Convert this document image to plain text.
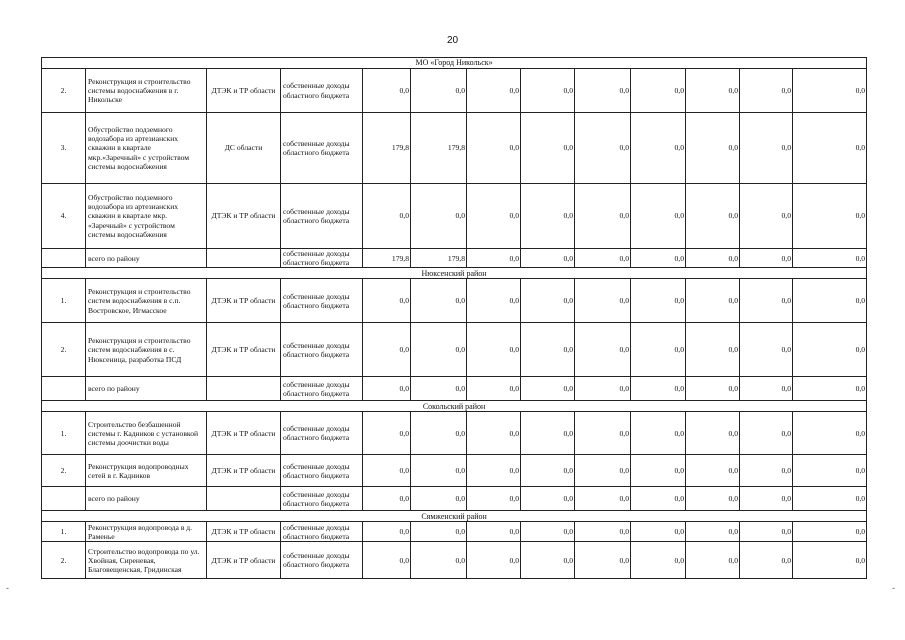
20
-	-
МО «Город Никольск»												
2.	Реконструкция и строительство системы водоснабжения в г. Никольске	ДТЭК и ТР области	собственные доходы областного бюджета	0,0	0,0	0,0	0,0	0,0	0,0	0,0	0,0	0,0
3.	Обустройство подземного водозабора из артезианских скважин в квартале мкр.«Заречный» с устройством системы водоснабжения	ДС области	собственные доходы областного бюджета	179,8	179,8	0,0	0,0	0,0	0,0	0,0	0,0	0,0
4.	Обустройство подземного водозабора из артезианских скважин в квартале мкр. «Заречный» с устройством системы водоснабжения	ДТЭК и ТР области	собственные доходы областного бюджета	0,0	0,0	0,0	0,0	0,0	0,0	0,0	0,0	0,0
	всего по району		собственные доходы областного бюджета	179,8	179,8	0,0	0,0	0,0	0,0	0,0	0,0	0,0
Нюксенский район												
1.	Реконструкция и строительство систем водоснабжения в с.п. Востровское, Игмасское	ДТЭК и ТР области	собственные доходы областного бюджета	0,0	0,0	0,0	0,0	0,0	0,0	0,0	0,0	0,0
2.	Реконструкция и строительство систем водоснабжения в с. Нюксеница, разработка ПСД	ДТЭК и ТР области	собственные доходы областного бюджета	0,0	0,0	0,0	0,0	0,0	0,0	0,0	0,0	0,0
	всего по району		собственные доходы областного бюджета	0,0	0,0	0,0	0,0	0,0	0,0	0,0	0,0	0,0
Сокольский район												
1.	Строительство безбашенной системы г. Кадников с установкой системы доочистки воды	ДТЭК и ТР области	собственные доходы областного бюджета	0,0	0,0	0,0	0,0	0,0	0,0	0,0	0,0	0,0
2.	Реконструкция водопроводных сетей в г. Кадников	ДТЭК и ТР области	собственные доходы областного бюджета	0,0	0,0	0,0	0,0	0,0	0,0	0,0	0,0	0,0
	всего по району		собственные доходы областного бюджета	0,0	0,0	0,0	0,0	0,0	0,0	0,0	0,0	0,0
Сямженский район												
1.	Реконструкция водопровода в д. Раменье	ДТЭК и ТР области	собственные доходы областного бюджета	0,0	0,0	0,0	0,0	0,0	0,0	0,0	0,0	0,0
2.	Строительство водопровода по ул. Хвойная, Сиреневая, Благовещенская, Гридинская	ДТЭК и ТР области	собственные доходы областного бюджета	0,0	0,0	0,0	0,0	0,0	0,0	0,0	0,0	0,0
